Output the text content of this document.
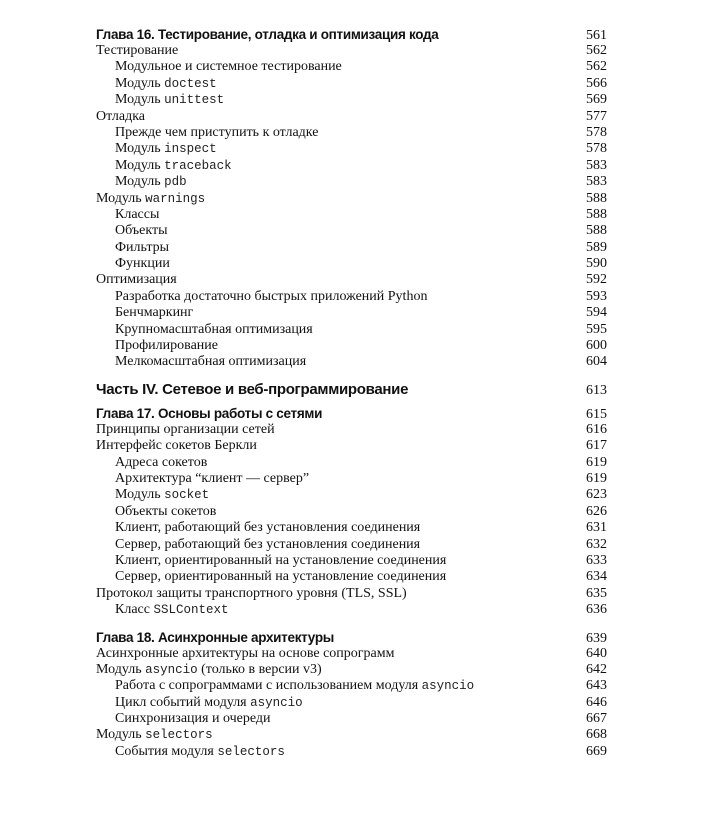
Глава 16. Тестирование, отладка и оптимизация кода	561
Тестирование	562
Модульное и системное тестирование	562
Модуль doctest	566
Модуль unittest	569
Отладка	577
Прежде чем приступить к отладке	578
Модуль inspect	578
Модуль traceback	583
Модуль pdb	583
Модуль warnings	588
Классы	588
Объекты	588
Фильтры	589
Функции	590
Оптимизация	592
Разработка достаточно быстрых приложений Python	593
Бенчмаркинг	594
Крупномасштабная оптимизация	595
Профилирование	600
Мелкомасштабная оптимизация	604
Часть IV. Сетевое и веб-программирование	613
Глава 17. Основы работы с сетями	615
Принципы организации сетей	616
Интерфейс сокетов Беркли	617
Адреса сокетов	619
Архитектура “клиент — сервер”	619
Модуль socket	623
Объекты сокетов	626
Клиент, работающий без установления соединения	631
Сервер, работающий без установления соединения	632
Клиент, ориентированный на установление соединения	633
Сервер, ориентированный на установление соединения	634
Протокол защиты транспортного уровня (TLS, SSL)	635
Класс SSLContext	636
Глава 18. Асинхронные архитектуры	639
Асинхронные архитектуры на основе сопрограмм	640
Модуль asyncio (только в версии v3)	642
Работа с сопрограммами с использованием модуля asyncio	643
Цикл событий модуля asyncio	646
Синхронизация и очереди	667
Модуль selectors	668
События модуля selectors	669
